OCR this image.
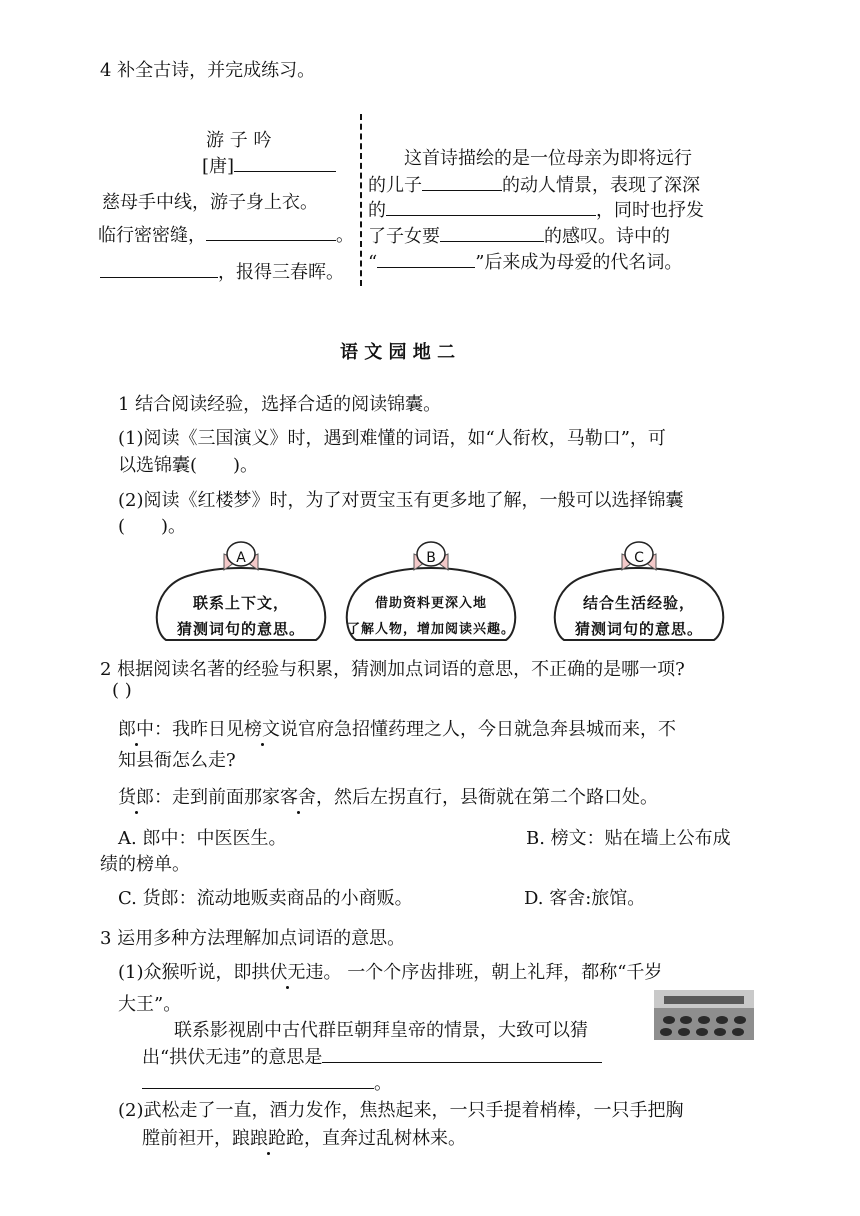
4 补全古诗，并完成练习。
游 子 吟
[唐]
慈母手中线，游子身上衣。
临行密密缝，	。
，报得三春晖。
这首诗描绘的是一位母亲为即将远行
的儿子	的动人情景，表现了深深
的	，同时也抒发
了子女要	的感叹。诗中的
“	”后来成为母爱的代名词。
语 文 园 地 二
1 结合阅读经验，选择合适的阅读锦囊。
(1)阅读《三国演义》时，遇到难懂的词语，如“人衔枚，马勒口”，可
以选锦囊( )。
(2)阅读《红楼梦》时，为了对贾宝玉有更多地了解，一般可以选择锦囊
( )。
A
联系上下文，
猜测词句的意思。
B
借助资料更深入地
了解人物，增加阅读兴趣。
C
结合生活经验，
猜测词句的意思。
2 根据阅读名著的经验与积累，猜测加点词语的意思，不正确的是哪一项?
( )
郎中：我昨日见榜文说官府急招懂药理之人，今日就急奔县城而来，不
知县衙怎么走?
货郎：走到前面那家客舍，然后左拐直行，县衙就在第二个路口处。
A. 郎中：中医医生。	B. 榜文：贴在墙上公布成
绩的榜单。
C. 货郎：流动地贩卖商品的小商贩。	D. 客舍:旅馆。
3 运用多种方法理解加点词语的意思。
(1)众猴听说，即拱伏无违。 一个个序齿排班，朝上礼拜，都称“千岁
大王”。
联系影视剧中古代群臣朝拜皇帝的情景，大致可以猜
出“拱伏无违”的意思是
。
(2)武松走了一直，酒力发作，焦热起来，一只手提着梢棒，一只手把胸
膛前袒开，踉踉跄跄，直奔过乱树林来。
